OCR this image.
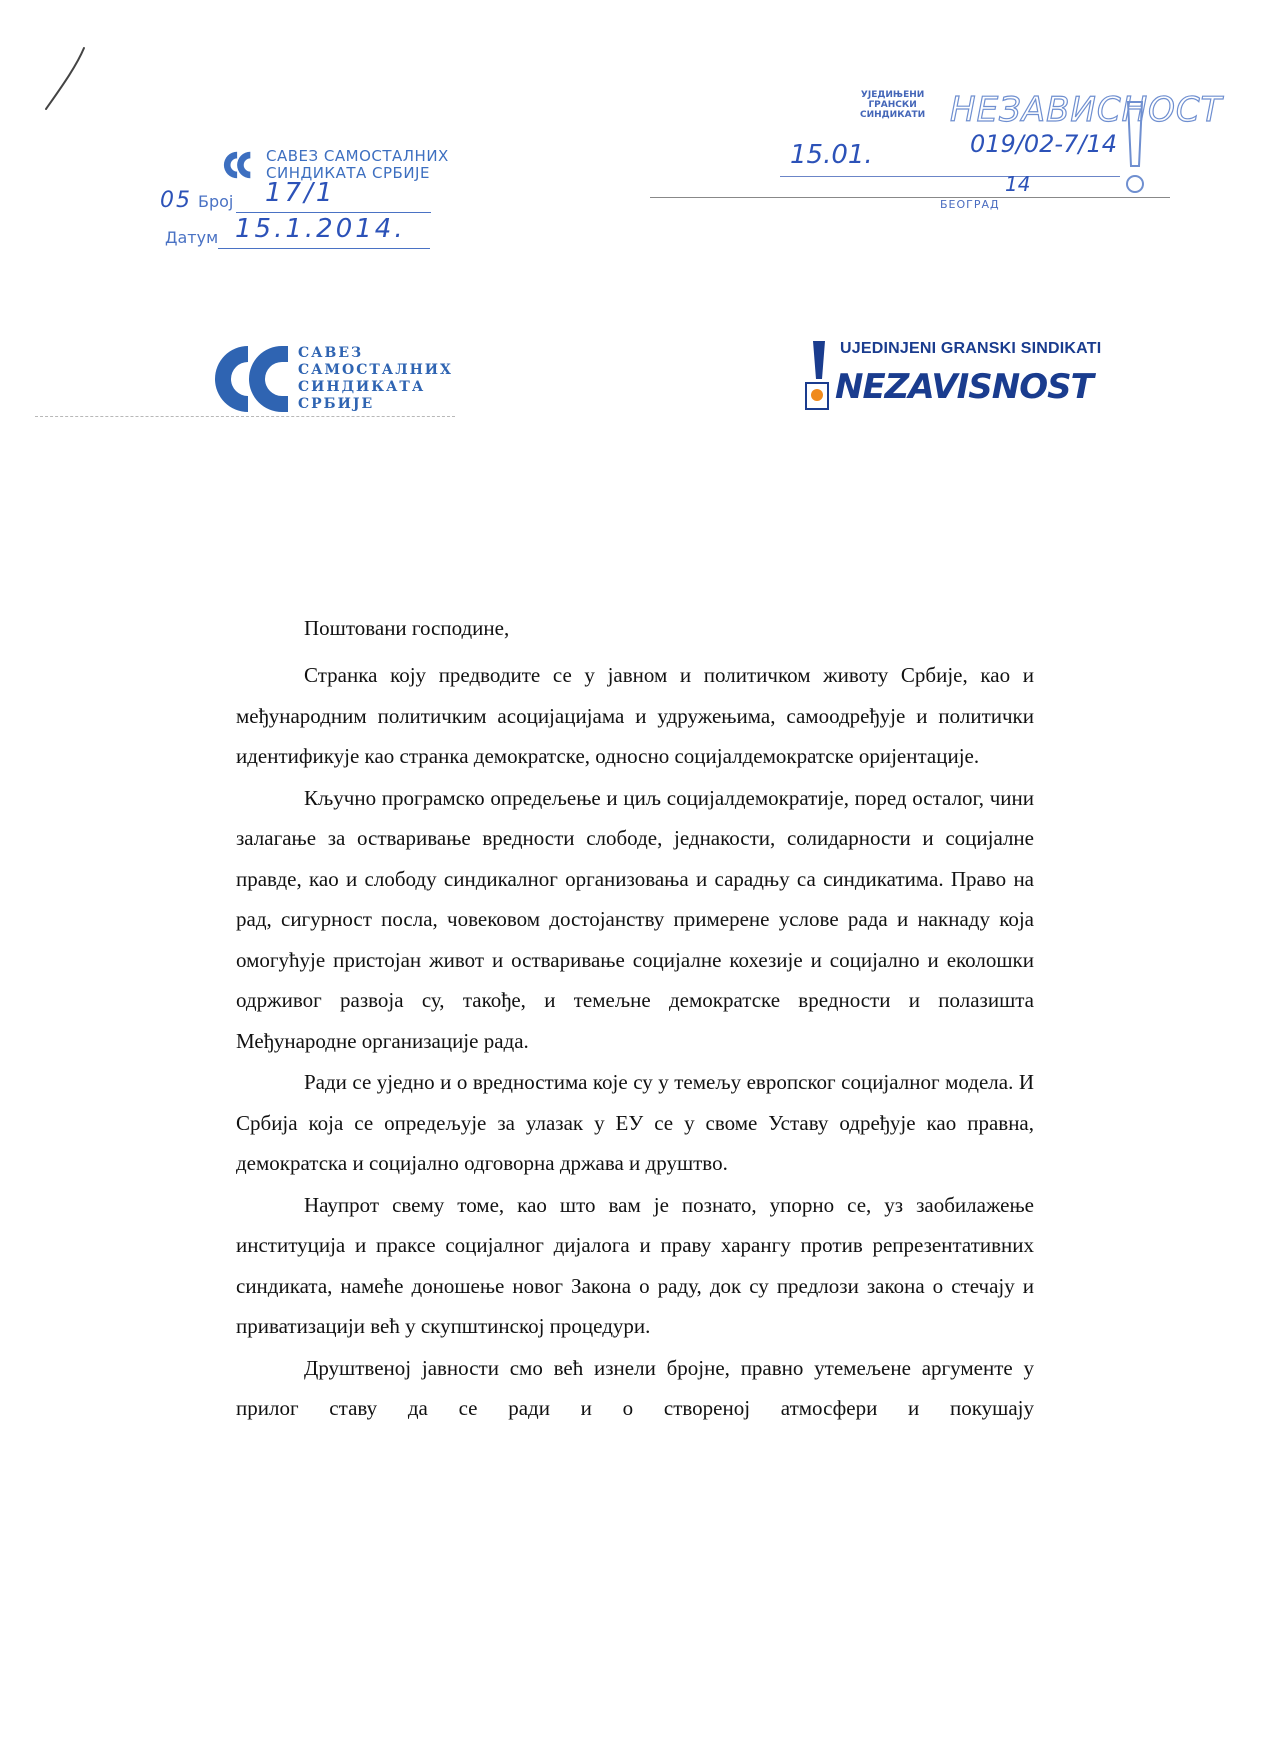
САВЕЗ САМОСТАЛНИХ
СИНДИКАТА СРБИЈЕ
05 Број 17/1
Датум 15.1.2014.
УЈЕДИЊЕНИ
ГРАНСКИ
СИНДИКАТИ НЕЗАВИСНОСТ
15.01.	019/02-7/14
14
БЕОГРАД
САВЕЗ
САМОСТАЛНИХ
СИНДИКАТА
СРБИЈЕ
UJEDINJENI GRANSKI SINDIKATI
NEZAVISNOST
Поштовани господине,

Странка коју предводите се у јавном и политичком животу Србије, као и међународним политичким асоцијацијама и удружењима, самоодређује и политички идентификује као странка демократске, односно социјалдемократске оријентације.

Кључно програмско опредељење и циљ социјалдемократије, поред осталог, чини залагање за остваривање вредности слободе, једнакости, солидарности и социјалне правде, као и слободу синдикалног организовања и сарадњу са синдикатима. Право на рад, сигурност посла, човековом достојанству примерене услове рада и накнаду која омогућује пристојан живот и остваривање социјалне кохезије и социјално и еколошки одрживог развоја су, такође, и темељне демократске вредности и полазишта Међународне организације рада.

Ради се уједно и о вредностима које су у темељу европског социјалног модела. И Србија која се опредељује за улазак у ЕУ се у своме Уставу одређује као правна, демократска и социјално одговорна држава и друштво.

Наупрот свему томе, као што вам је познато, упорно се, уз заобилажење институција и праксе социјалног дијалога и праву харангу против репрезентативних синдиката, намеће доношење новог Закона о раду, док су предлози закона о стечају и приватизацији већ у скупштинској процедури.

Друштвеној јавности смо већ изнели бројне, правно утемељене аргументе у прилог ставу да се ради и о створеној атмосфери и покушају
